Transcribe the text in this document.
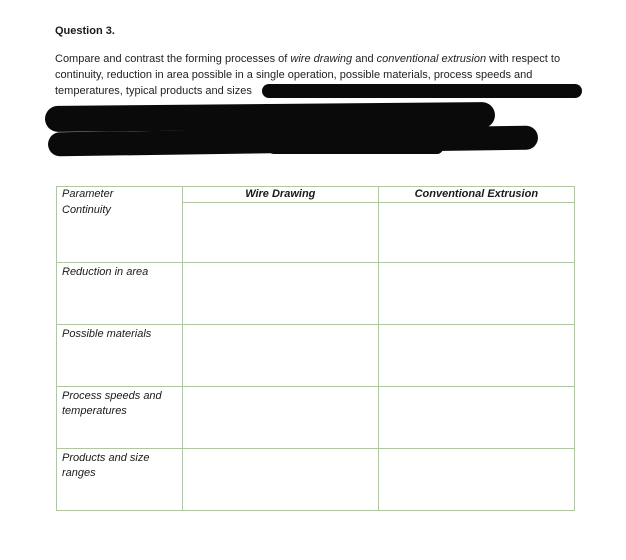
Question 3.
Compare and contrast the forming processes of wire drawing and conventional extrusion with respect to continuity, reduction in area possible in a single operation, possible materials, process speeds and temperatures, typical products and sizes
Parameter	Wire Drawing	Conventional Extrusion
Continuity		
Reduction in area		
Possible materials		
Process speeds and temperatures		
Products and size ranges		
